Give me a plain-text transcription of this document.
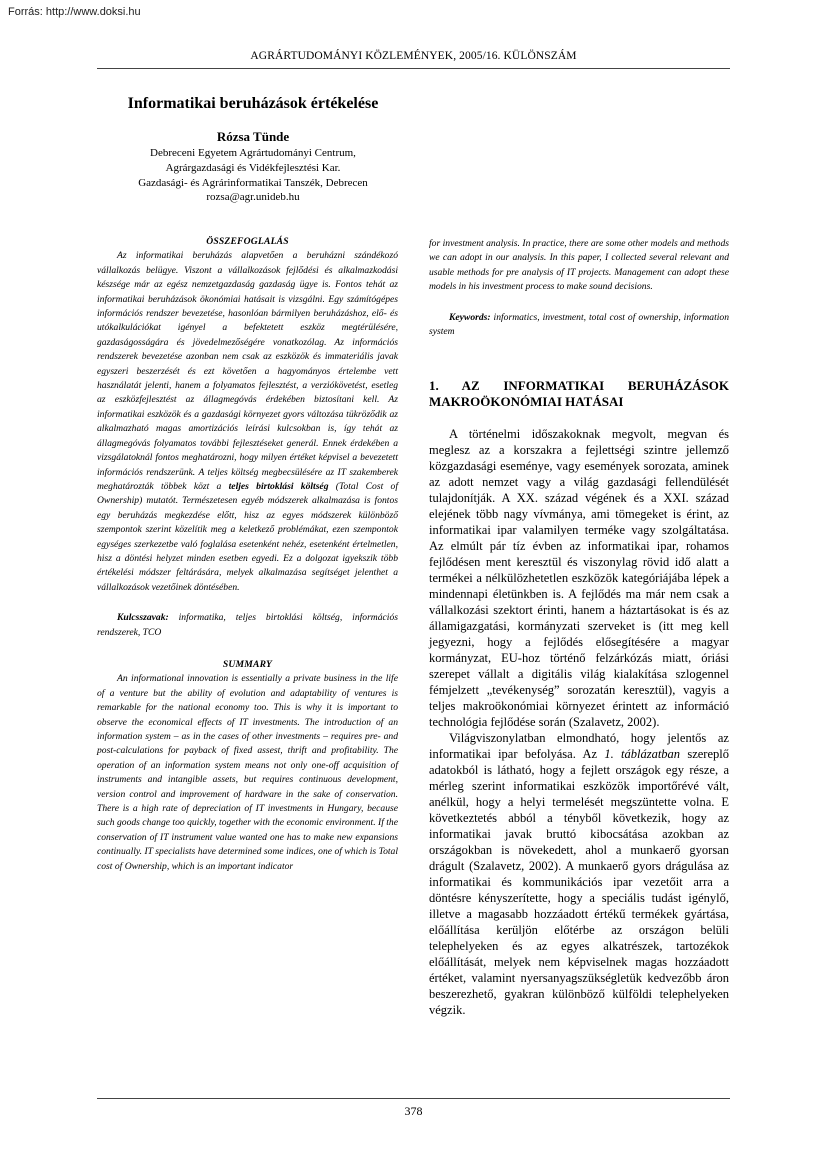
Forrás: http://www.doksi.hu
AGRÁRTUDOMÁNYI KÖZLEMÉNYEK, 2005/16. KÜLÖNSZÁM
Informatikai beruházások értékelése
Rózsa Tünde
Debreceni Egyetem Agrártudományi Centrum,
Agrárgazdasági és Vidékfejlesztési Kar.
Gazdasági- és Agrárinformatikai Tanszék, Debrecen
rozsa@agr.unideb.hu

ÖSSZEFOGLALÁS

Az informatikai beruházás alapvetően a beruházni szándékozó vállalkozás belügye. Viszont a vállalkozások fejlődési és alkalmazkodási készsége már az egész nemzetgazdaság gazdaság ügye is. Fontos tehát az informatikai beruházások ökonómiai hatásait is vizsgálni. Egy számítógépes információs rendszer bevezetése, hasonlóan bármilyen beruházáshoz, elő- és utókalkulációkat igényel a befektetett eszköz megtérülésére, gazdaságosságára és jövedelmezőségére vonatkozólag. Az információs rendszerek bevezetése azonban nem csak az eszközök és immateriális javak egyszeri beszerzését és ezt követően a hagyományos értelembe vett használatát jelenti, hanem a folyamatos fejlesztést, a verziókövetést, esetleg az eszközfejlesztést az állagmegóvás érdekében biztosítani kell. Az informatikai eszközök és a gazdasági környezet gyors változása tükröződik az alkalmazható magas amortizációs leírási kulcsokban is, így tehát az állagmegóvás folyamatos további fejlesztéseket generál. Ennek érdekében a vizsgálatoknál fontos meghatározni, hogy milyen értéket képvisel a bevezetett információs rendszerünk. A teljes költség megbecsülésére az IT szakemberek meghatározták többek közt a teljes birtoklási költség (Total Cost of Ownership) mutatót. Természetesen egyéb módszerek alkalmazása is fontos egy beruházás megkezdése előtt, hisz az egyes módszerek különböző szempontok szerint közelítik meg a keletkező problémákat, ezen szempontok egységes szerkezetbe való foglalása esetenként nehéz, esetenként értelmetlen, hisz a döntési helyzet minden esetben egyedi. Ez a dolgozat igyekszik több értékelési módszer feltárására, melyek alkalmazása segítséget jelenthet a vállalkozások vezetőinek döntésében.

Kulcsszavak: informatika, teljes birtoklási költség, információs rendszerek, TCO

SUMMARY

An informational innovation is essentially a private business in the life of a venture but the ability of evolution and adaptability of ventures is remarkable for the national economy too. This is why it is important to observe the economical effects of IT investments. The introduction of an information system – as in the cases of other investments – requires pre- and post-calculations for payback of fixed assest, thrift and profitability. The operation of an information system means not only one-off acquisition of instruments and intangible assets, but requires continuous development, version control and improvement of hardware in the sake of conservation. There is a high rate of depreciation of IT investments in Hungary, because such goods change too quickly, together with the economic environment. If the conservation of IT instrument value wanted one has to make new expansions continually. IT specialists have determined some indices, one of which is Total cost of Ownership, which is an important indicator

for investment analysis. In practice, there are some other models and methods we can adopt in our analysis. In this paper, I collected several relevant and usable methods for pre analysis of IT projects. Management can adopt these models in his investment process to make sound decisions.

Keywords: informatics, investment, total cost of ownership, information system

1. AZ INFORMATIKAI BERUHÁZÁSOK MAKROÖKONÓMIAI HATÁSAI

A történelmi időszakoknak megvolt, megvan és meglesz az a korszakra a fejlettségi szintre jellemző közgazdasági eseménye, vagy események sorozata, aminek az adott nemzet vagy a világ gazdasági fellendülését tulajdonítják. A XX. század végének és a XXI. század elejének több nagy vívmánya, ami tömegeket is érint, az informatikai ipar valamilyen terméke vagy szolgáltatása. Az elmúlt pár tíz évben az informatikai ipar, rohamos fejlődésen ment keresztül és viszonylag rövid idő alatt a termékei a nélkülözhetetlen eszközök kategóriájába lépek a mindennapi életünkben is. A fejlődés ma már nem csak a vállalkozási szektort érinti, hanem a háztartásokat is és az államigazgatási, kormányzati szerveket is (itt meg kell jegyezni, hogy a fejlődés elősegítésére a magyar kormányzat, EU-hoz történő felzárkózás miatt, óriási szerepet vállalt a digitális világ kialakítása szlogennel fémjelzett „tevékenység” sorozatán keresztül), vagyis a teljes makroökonómiai környezet érintett az információ technológia fejlődése során (Szalavetz, 2002).

Világviszonylatban elmondható, hogy jelentős az informatikai ipar befolyása. Az 1. táblázatban szereplő adatokból is látható, hogy a fejlett országok egy része, a mérleg szerint informatikai eszközök importőrévé vált, anélkül, hogy a helyi termelését megszüntette volna. E következtetés abból a tényből következik, hogy az informatikai javak bruttó kibocsátása azokban az országokban is növekedett, ahol a munkaerő gyorsan drágult (Szalavetz, 2002). A munkaerő gyors drágulása az informatikai és kommunikációs ipar vezetőit arra a döntésre kényszerítette, hogy a speciális tudást igénylő, illetve a magasabb hozzáadott értékű termékek gyártása, előállítása kerüljön előtérbe az országon belüli telephelyeken és az egyes alkatrészek, tartozékok előállítását, melyek nem képviselnek magas hozzáadott értéket, valamint nyersanyagszükségletük kedvezőbb áron beszerezhető, gyakran különböző külföldi telephelyeken végzik.

378
